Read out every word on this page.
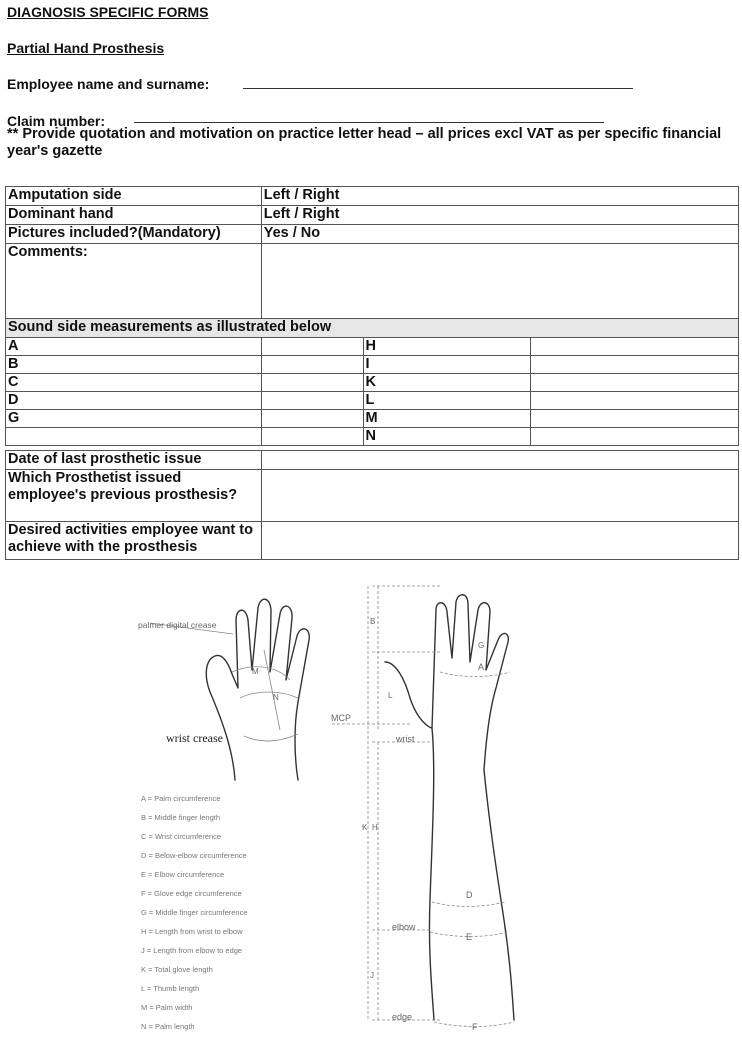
DIAGNOSIS SPECIFIC FORMS
Partial Hand Prosthesis
Employee name and surname:
Claim number:
** Provide quotation and motivation on practice letter head – all prices excl VAT as per specific financial year's gazette
Amputation side	Left / Right
Dominant hand	Left / Right
Pictures included?(Mandatory)	Yes / No
Comments:	
Sound side measurements as illustrated below			
A		H	
B		I	
C		K	
D		L	
G		M	
		N	
Date of last prosthetic issue	
Which Prosthetist issued employee's previous prosthesis?	
Desired activities employee want to achieve with the prosthesis	
palmer digital crease
wrist crease
MCP
wrist
elbow
edge
A
B
G
D
E
F
H
K
J
L
M
N
A = Palm circumference
B = Middle finger length
C = Wrist circumference
D = Below-elbow circumference
E = Elbow circumference
F = Glove edge circumference
G = Middle finger circumference
H = Length from wrist to elbow
J = Length from elbow to edge
K = Total glove length
L = Thumb length
M = Palm width
N = Palm length
